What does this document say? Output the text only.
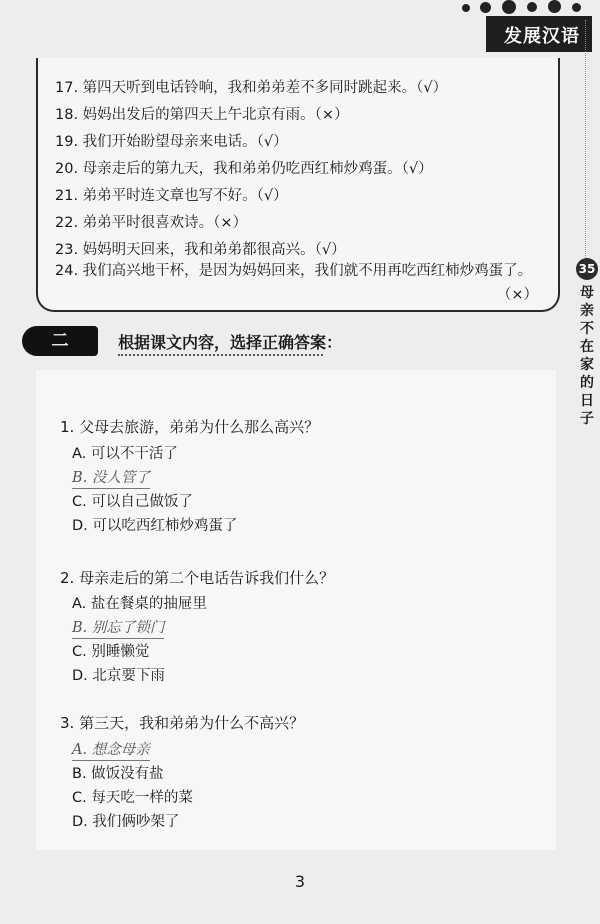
发展汉语
35
母
亲
不
在
家
的
日
子
17. 第四天听到电话铃响，我和弟弟差不多同时跳起来。（√）
18. 妈妈出发后的第四天上午北京有雨。（×）
19. 我们开始盼望母亲来电话。（√）
20. 母亲走后的第九天，我和弟弟仍吃西红柿炒鸡蛋。（√）
21. 弟弟平时连文章也写不好。（√）
22. 弟弟平时很喜欢诗。（×）
23. 妈妈明天回来，我和弟弟都很高兴。（√）
24. 我们高兴地干杯，是因为妈妈回来，我们就不用再吃西红柿炒鸡蛋了。
（×）
二	根据课文内容，选择正确答案：
1. 父母去旅游，弟弟为什么那么高兴？
A. 可以不干活了
B. 没人管了
C. 可以自己做饭了
D. 可以吃西红柿炒鸡蛋了
2. 母亲走后的第二个电话告诉我们什么？
A. 盐在餐桌的抽屉里
B. 别忘了锁门
C. 别睡懒觉
D. 北京要下雨
3. 第三天，我和弟弟为什么不高兴？
A. 想念母亲
B. 做饭没有盐
C. 每天吃一样的菜
D. 我们俩吵架了
3
